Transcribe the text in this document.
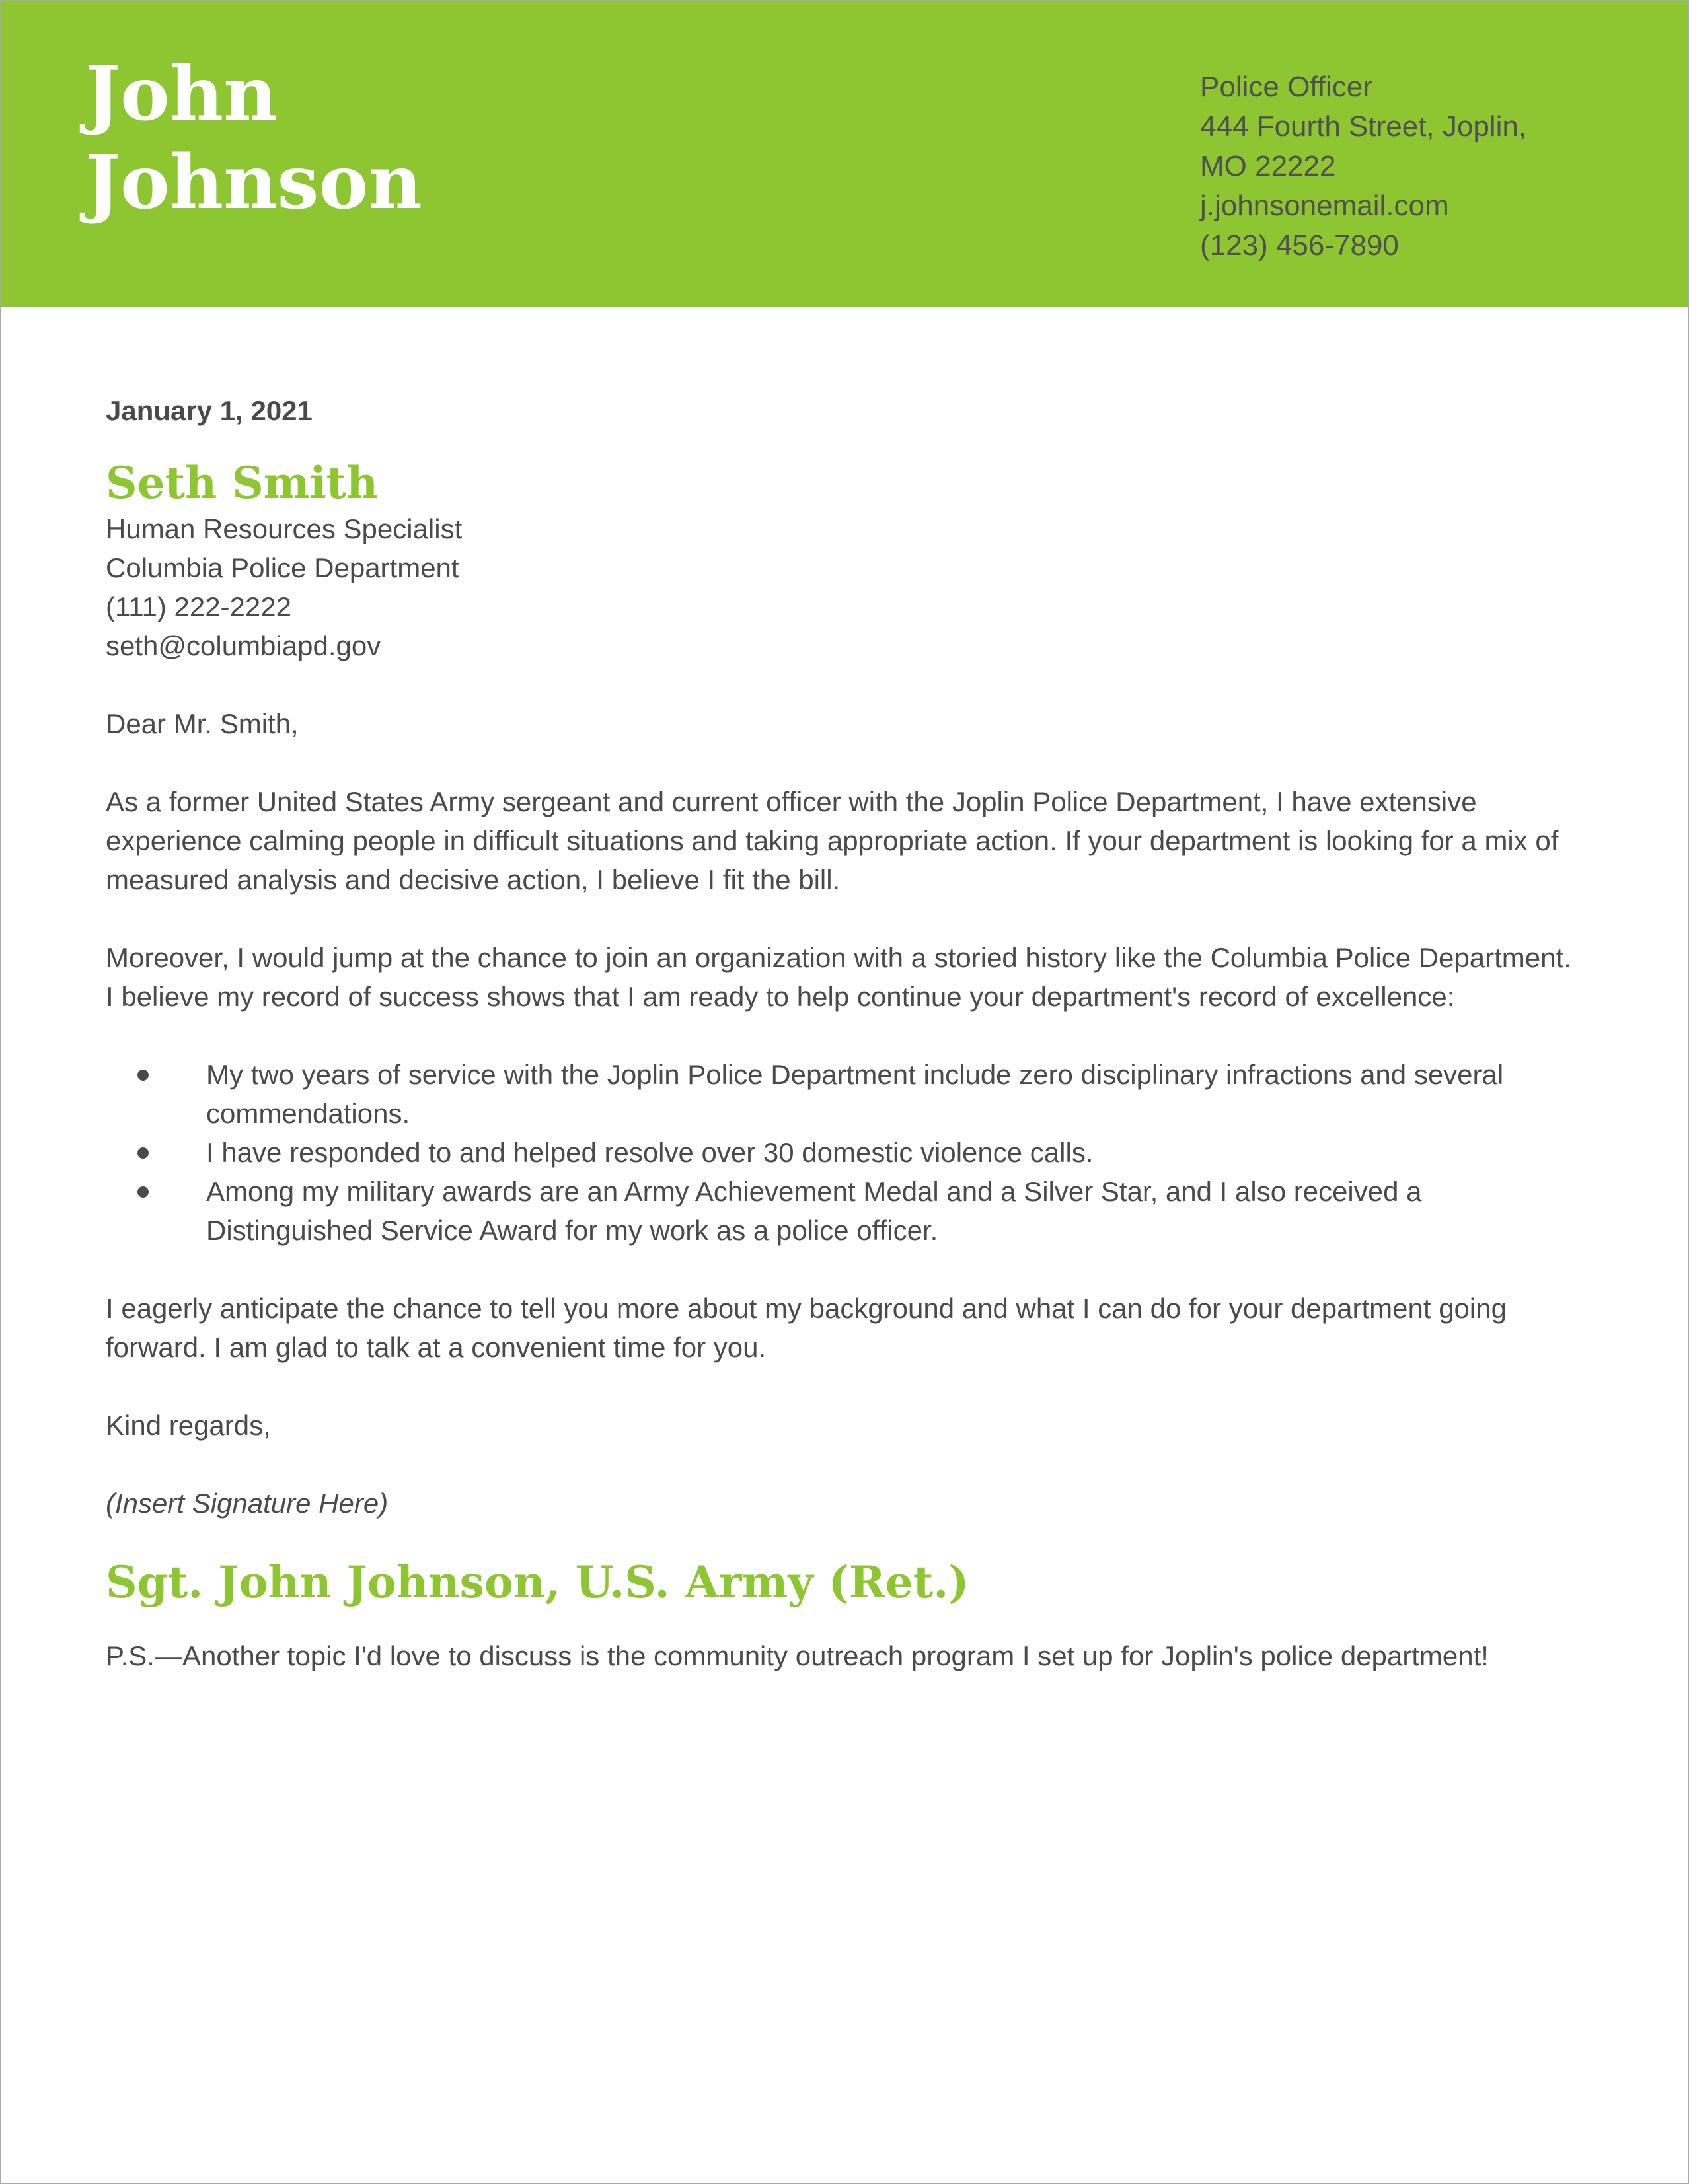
John
Johnson
Police Officer
444 Fourth Street, Joplin,
MO 22222
j.johnsonemail.com
(123) 456-7890

January 1, 2021

Seth Smith
Human Resources Specialist
Columbia Police Department
(111) 222-2222
seth@columbiapd.gov

Dear Mr. Smith,

As a former United States Army sergeant and current officer with the Joplin Police Department, I have extensive experience calming people in difficult situations and taking appropriate action. If your department is looking for a mix of measured analysis and decisive action, I believe I fit the bill.

Moreover, I would jump at the chance to join an organization with a storied history like the Columbia Police Department. I believe my record of success shows that I am ready to help continue your department's record of excellence:

My two years of service with the Joplin Police Department include zero disciplinary infractions and several commendations.
I have responded to and helped resolve over 30 domestic violence calls.
Among my military awards are an Army Achievement Medal and a Silver Star, and I also received a Distinguished Service Award for my work as a police officer.

I eagerly anticipate the chance to tell you more about my background and what I can do for your department going forward. I am glad to talk at a convenient time for you.

Kind regards,

(Insert Signature Here)

Sgt. John Johnson, U.S. Army (Ret.)

P.S.—Another topic I'd love to discuss is the community outreach program I set up for Joplin's police department!
